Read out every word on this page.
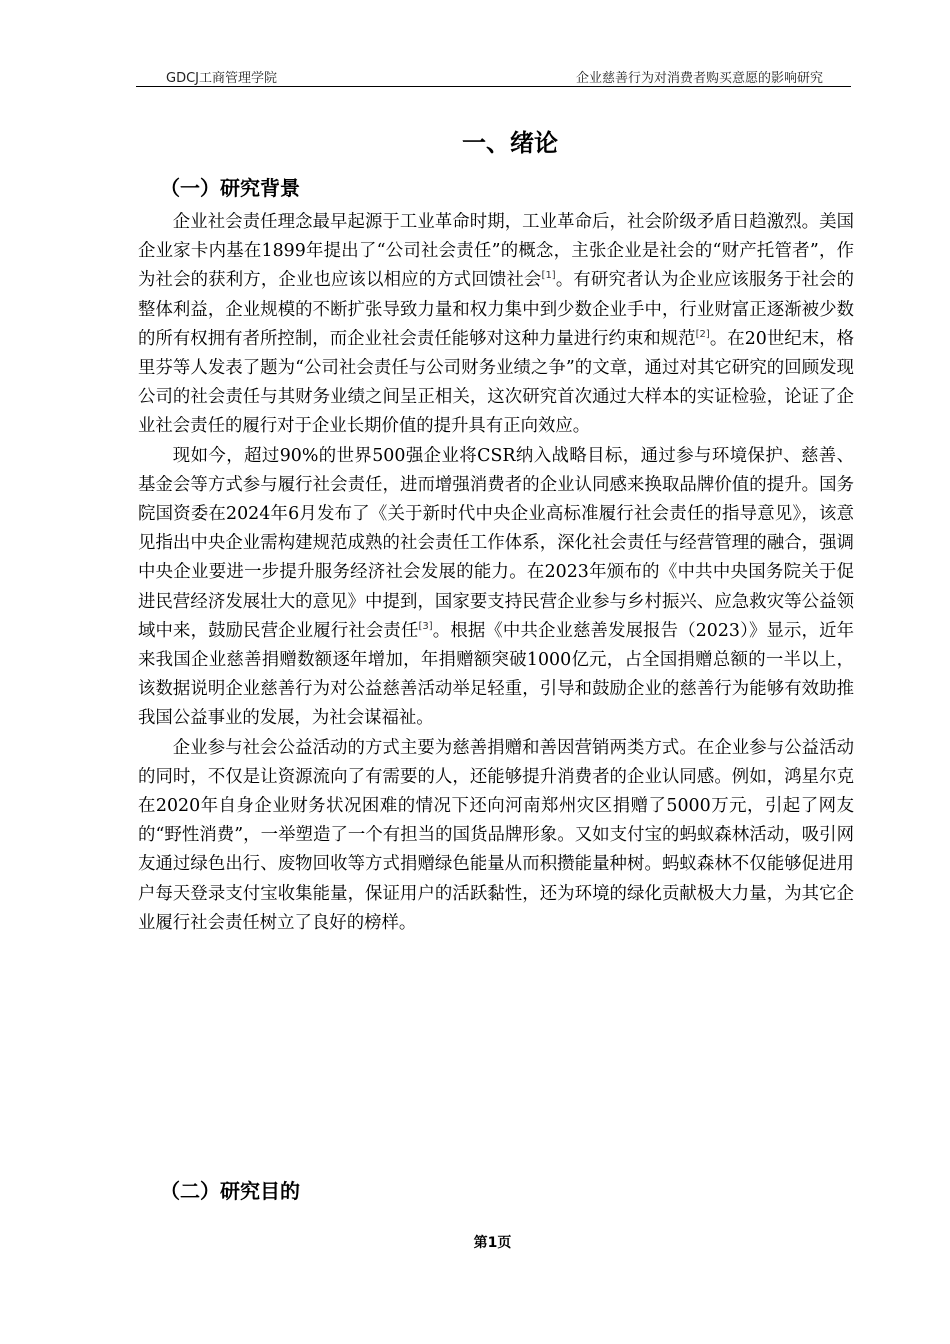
GDCJ工商管理学院	企业慈善行为对消费者购买意愿的影响研究
一、绪论
（一）研究背景

企业社会责任理念最早起源于工业革命时期，工业革命后，社会阶级矛盾日趋激烈。美国企业家卡内基在1899年提出了“公司社会责任”的概念，主张企业是社会的“财产托管者”，作为社会的获利方，企业也应该以相应的方式回馈社会[1]。有研究者认为企业应该服务于社会的整体利益，企业规模的不断扩张导致力量和权力集中到少数企业手中，行业财富正逐渐被少数的所有权拥有者所控制，而企业社会责任能够对这种力量进行约束和规范[2]。在20世纪末，格里芬等人发表了题为“公司社会责任与公司财务业绩之争”的文章，通过对其它研究的回顾发现公司的社会责任与其财务业绩之间呈正相关，这次研究首次通过大样本的实证检验，论证了企业社会责任的履行对于企业长期价值的提升具有正向效应。

现如今，超过90%的世界500强企业将CSR纳入战略目标，通过参与环境保护、慈善、基金会等方式参与履行社会责任，进而增强消费者的企业认同感来换取品牌价值的提升。国务院国资委在2024年6月发布了《关于新时代中央企业高标准履行社会责任的指导意见》，该意见指出中央企业需构建规范成熟的社会责任工作体系，深化社会责任与经营管理的融合，强调中央企业要进一步提升服务经济社会发展的能力。在2023年颁布的《中共中央国务院关于促进民营经济发展壮大的意见》中提到，国家要支持民营企业参与乡村振兴、应急救灾等公益领域中来，鼓励民营企业履行社会责任[3]。根据《中共企业慈善发展报告（2023）》显示，近年来我国企业慈善捐赠数额逐年增加，年捐赠额突破1000亿元，占全国捐赠总额的一半以上，该数据说明企业慈善行为对公益慈善活动举足轻重，引导和鼓励企业的慈善行为能够有效助推我国公益事业的发展，为社会谋福祉。

企业参与社会公益活动的方式主要为慈善捐赠和善因营销两类方式。在企业参与公益活动的同时，不仅是让资源流向了有需要的人，还能够提升消费者的企业认同感。例如，鸿星尔克在2020年自身企业财务状况困难的情况下还向河南郑州灾区捐赠了5000万元，引起了网友的“野性消费”，一举塑造了一个有担当的国货品牌形象。又如支付宝的蚂蚁森林活动，吸引网友通过绿色出行、废物回收等方式捐赠绿色能量从而积攒能量种树。蚂蚁森林不仅能够促进用户每天登录支付宝收集能量，保证用户的活跃黏性，还为环境的绿化贡献极大力量，为其它企业履行社会责任树立了良好的榜样。

（二）研究目的
第1页
